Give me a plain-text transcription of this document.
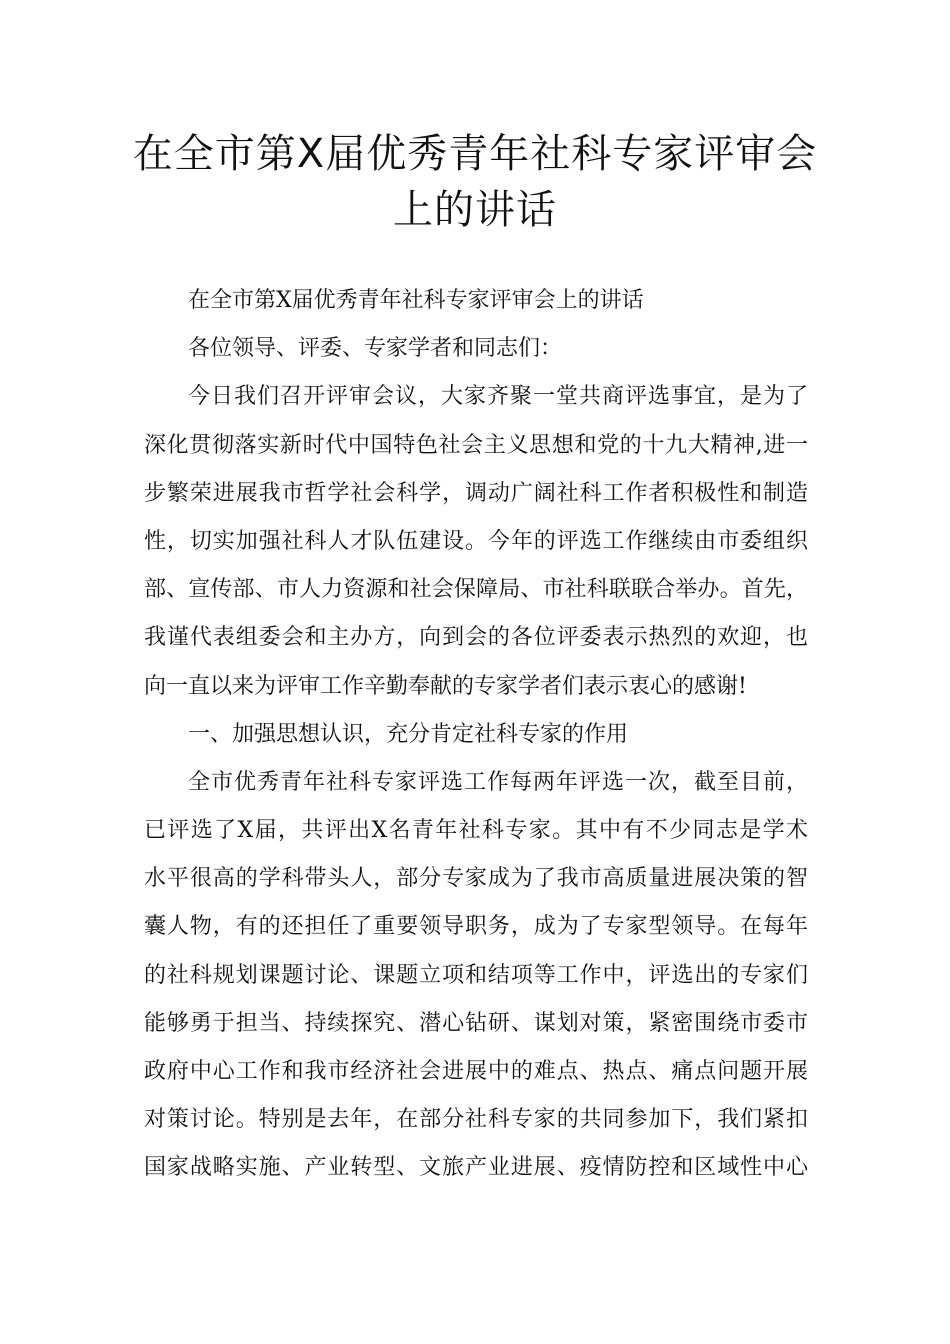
在全市第X届优秀青年社科专家评审会
上的讲话
在全市第X届优秀青年社科专家评审会上的讲话
各位领导、评委、专家学者和同志们：
今日我们召开评审会议，大家齐聚一堂共商评选事宜，是为了
深化贯彻落实新时代中国特色社会主义思想和党的十九大精神,进一
步繁荣进展我市哲学社会科学，调动广阔社科工作者积极性和制造
性，切实加强社科人才队伍建设。今年的评选工作继续由市委组织
部、宣传部、市人力资源和社会保障局、市社科联联合举办。首先，
我谨代表组委会和主办方，向到会的各位评委表示热烈的欢迎，也
向一直以来为评审工作辛勤奉献的专家学者们表示衷心的感谢!
一、加强思想认识，充分肯定社科专家的作用
全市优秀青年社科专家评选工作每两年评选一次，截至目前，
已评选了X届，共评出X名青年社科专家。其中有不少同志是学术
水平很高的学科带头人，部分专家成为了我市高质量进展决策的智
囊人物，有的还担任了重要领导职务，成为了专家型领导。在每年
的社科规划课题讨论、课题立项和结项等工作中，评选出的专家们
能够勇于担当、持续探究、潜心钻研、谋划对策，紧密围绕市委市
政府中心工作和我市经济社会进展中的难点、热点、痛点问题开展
对策讨论。特别是去年，在部分社科专家的共同参加下，我们紧扣
国家战略实施、产业转型、文旅产业进展、疫情防控和区域性中心
